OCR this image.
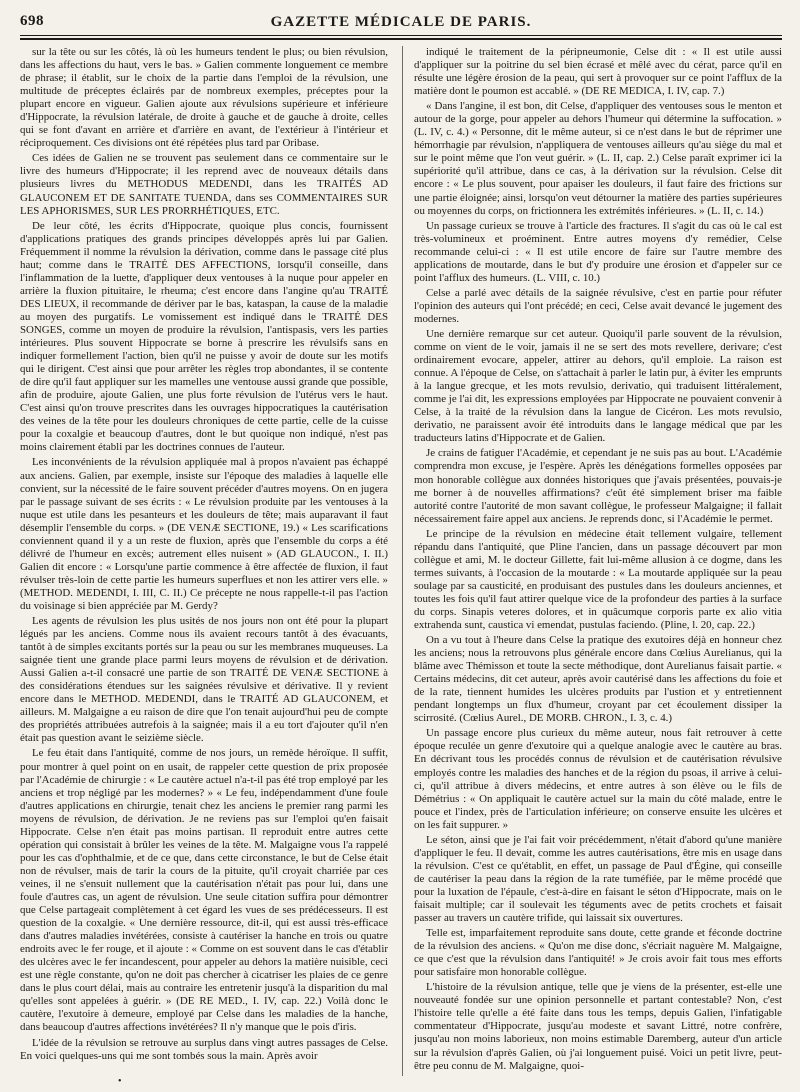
698	GAZETTE MÉDICALE DE PARIS.

sur la tête ou sur les côtés, là où les humeurs tendent le plus; ou bien révulsion, dans les affections du haut, vers le bas. » Galien commente longuement ce membre de phrase; il établit, sur le choix de la partie dans l'emploi de la révulsion, une multitude de préceptes éclairés par de nombreux exemples, préceptes pour la plupart encore en vigueur. Galien ajoute aux révulsions supérieure et inférieure d'Hippocrate, la révulsion latérale, de droite à gauche et de gauche à droite, celles qui se font d'avant en arrière et d'arrière en avant, de l'extérieur à l'intérieur et réciproquement. Ces divisions ont été répétées plus tard par Oribase.

Ces idées de Galien ne se trouvent pas seulement dans ce commentaire sur le livre des humeurs d'Hippocrate; il les reprend avec de nouveaux détails dans plusieurs livres du METHODUS MEDENDI, dans les TRAITÉS AD GLAUCONEM ET DE SANITATE TUENDA, dans ses COMMENTAIRES SUR LES APHORISMES, SUR LES PRORRHÉTIQUES, ETC.

De leur côté, les écrits d'Hippocrate, quoique plus concis, fournissent d'applications pratiques des grands principes développés après lui par Galien. Fréquemment il nomme la révulsion la dérivation, comme dans le passage cité plus haut; comme dans le TRAITÉ DES AFFECTIONS, lorsqu'il conseille, dans l'inflammation de la luette, d'appliquer deux ventouses à la nuque pour appeler en arrière la fluxion pituitaire, le rheuma; c'est encore dans l'angine qu'au TRAITÉ DES LIEUX, il recommande de dériver par le bas, kataspan, la cause de la maladie au moyen des purgatifs. Le vomissement est indiqué dans le TRAITÉ DES SONGES, comme un moyen de produire la révulsion, l'antispasis, vers les parties intérieures. Plus souvent Hippocrate se borne à prescrire les révulsifs sans en indiquer formellement l'action, bien qu'il ne puisse y avoir de doute sur les motifs qui le dirigent. C'est ainsi que pour arrêter les règles trop abondantes, il se contente de dire qu'il faut appliquer sur les mamelles une ventouse aussi grande que possible, afin de produire, ajoute Galien, une plus forte révulsion de l'utérus vers le haut. C'est ainsi qu'on trouve prescrites dans les ouvrages hippocratiques la cautérisation des veines de la tête pour les douleurs chroniques de cette partie, celle de la cuisse pour la coxalgie et beaucoup d'autres, dont le but quoique non indiqué, n'est pas moins clairement établi par les doctrines connues de l'auteur.

Les inconvénients de la révulsion appliquée mal à propos n'avaient pas échappé aux anciens. Galien, par exemple, insiste sur l'époque des maladies à laquelle elle convient, sur la nécessité de le faire souvent précéder d'autres moyens. On en jugera par le passage suivant de ses écrits : « Le révulsion produite par les ventouses à la nuque est utile dans les pesanteurs et les douleurs de tête; mais auparavant il faut désemplir l'ensemble du corps. » (DE VENÆ SECTIONE, 19.) « Les scarifications conviennent quand il y a un reste de fluxion, après que l'ensemble du corps a été délivré de l'humeur en excès; autrement elles nuisent » (AD GLAUCON., I. II.) Galien dit encore : « Lorsqu'une partie commence à être affectée de fluxion, il faut révulser très-loin de cette partie les humeurs superflues et non les attirer vers elle. » (METHOD. MEDENDI, I. III, C. II.) Ce précepte ne nous rappelle-t-il pas l'action du voisinage si bien appréciée par M. Gerdy?

Les agents de révulsion les plus usités de nos jours non ont été pour la plupart légués par les anciens. Comme nous ils avaient recours tantôt à des évacuants, tantôt à de simples excitants portés sur la peau ou sur les membranes muqueuses. La saignée tient une grande place parmi leurs moyens de révulsion et de dérivation. Aussi Galien a-t-il consacré une partie de son TRAITÉ DE VENÆ SECTIONE à des considérations étendues sur les saignées révulsive et dérivative. Il y revient encore dans le METHOD. MEDENDI, dans le TRAITÉ AD GLAUCONEM, et ailleurs. M. Malgaigne a eu raison de dire que l'on tenait aujourd'hui peu de compte des propriétés attribuées autrefois à la saignée; mais il a eu tort d'ajouter qu'il n'en était pas question avant le seizième siècle.

Le feu était dans l'antiquité, comme de nos jours, un remède héroïque. Il suffit, pour montrer à quel point on en usait, de rappeler cette question de prix proposée par l'Académie de chirurgie : « Le cautère actuel n'a-t-il pas été trop employé par les anciens et trop négligé par les modernes? » « Le feu, indépendamment d'une foule d'autres applications en chirurgie, tenait chez les anciens le premier rang parmi les moyens de révulsion, de dérivation. Je ne reviens pas sur l'emploi qu'en faisait Hippocrate. Celse n'en était pas moins partisan. Il reproduit entre autres cette opération qui consistait à brûler les veines de la tête. M. Malgaigne vous l'a rappelé pour les cas d'ophthalmie, et de ce que, dans cette circonstance, le but de Celse était non de révulser, mais de tarir la cours de la pituite, qu'il croyait charriée par ces veines, il ne s'ensuit nullement que la cautérisation n'était pas pour lui, dans une foule d'autres cas, un agent de révulsion. Une seule citation suffira pour démontrer que Celse partageait complètement à cet égard les vues de ses prédécesseurs. Il est question de la coxalgie. « Une dernière ressource, dit-il, qui est aussi très-efficace dans d'autres maladies invétérées, consiste à cautériser la hanche en trois ou quatre endroits avec le fer rouge, et il ajoute : « Comme on est souvent dans le cas d'établir des ulcères avec le fer incandescent, pour appeler au dehors la matière nuisible, ceci est une règle constante, qu'on ne doit pas chercher à cicatriser les plaies de ce genre dans le plus court délai, mais au contraire les entretenir jusqu'à la disparition du mal qu'elles sont appelées à guérir. » (DE RE MED., I. IV, cap. 22.) Voilà donc le cautère, l'exutoire à demeure, employé par Celse dans les maladies de la hanche, dans beaucoup d'autres affections invétérées? Il n'y manque que le pois d'iris.

L'idée de la révulsion se retrouve au surplus dans vingt autres passages de Celse. En voici quelques-uns qui me sont tombés sous la main. Après avoir

indiqué le traitement de la péripneumonie, Celse dit : « Il est utile aussi d'appliquer sur la poitrine du sel bien écrasé et mêlé avec du cérat, parce qu'il en résulte une légère érosion de la peau, qui sert à provoquer sur ce point l'afflux de la matière dont le poumon est accablé. » (DE RE MEDICA, I. IV, cap. 7.)

« Dans l'angine, il est bon, dit Celse, d'appliquer des ventouses sous le menton et autour de la gorge, pour appeler au dehors l'humeur qui détermine la suffocation. » (L. IV, c. 4.) « Personne, dit le même auteur, si ce n'est dans le but de réprimer une hémorrhagie par révulsion, n'appliquera de ventouses ailleurs qu'au siège du mal et sur le point même que l'on veut guérir. » (L. II, cap. 2.) Celse paraît exprimer ici la supériorité qu'il attribue, dans ce cas, à la dérivation sur la révulsion. Celse dit encore : « Le plus souvent, pour apaiser les douleurs, il faut faire des frictions sur une partie éloignée; ainsi, lorsqu'on veut détourner la matière des parties supérieures ou moyennes du corps, on frictionnera les extrémités inférieures. » (L. II, c. 14.)

Un passage curieux se trouve à l'article des fractures. Il s'agit du cas où le cal est très-volumineux et proéminent. Entre autres moyens d'y remédier, Celse recommande celui-ci : « Il est utile encore de faire sur l'autre membre des applications de moutarde, dans le but d'y produire une érosion et d'appeler sur ce point l'afflux des humeurs. (L. VIII, c. 10.)

Celse a parlé avec détails de la saignée révulsive, c'est en partie pour réfuter l'opinion des auteurs qui l'ont précédé; en ceci, Celse avait devancé le jugement des modernes.

Une dernière remarque sur cet auteur. Quoiqu'il parle souvent de la révulsion, comme on vient de le voir, jamais il ne se sert des mots revellere, derivare; c'est ordinairement evocare, appeler, attirer au dehors, qu'il emploie. La raison est connue. A l'époque de Celse, on s'attachait à parler le latin pur, à éviter les emprunts à la langue grecque, et les mots revulsio, derivatio, qui traduisent littéralement, comme je l'ai dit, les expressions employées par Hippocrate ne pouvaient convenir à Celse, à la traité de la révulsion dans la langue de Cicéron. Les mots revulsio, derivatio, ne paraissent avoir été introduits dans le langage médical que par les traducteurs latins d'Hippocrate et de Galien.

Je crains de fatiguer l'Académie, et cependant je ne suis pas au bout. L'Académie comprendra mon excuse, je l'espère. Après les dénégations formelles opposées par mon honorable collègue aux données historiques que j'avais présentées, pouvais-je me borner à de nouvelles affirmations? c'eût été simplement briser ma faible autorité contre l'autorité de mon savant collègue, le professeur Malgaigne; il fallait nécessairement faire appel aux anciens. Je reprends donc, si l'Académie le permet.

Le principe de la révulsion en médecine était tellement vulgaire, tellement répandu dans l'antiquité, que Pline l'ancien, dans un passage découvert par mon collègue et ami, M. le docteur Gillette, fait lui-même allusion à ce dogme, dans les termes suivants, à l'occasion de la moutarde : « La moutarde appliquée sur la peau soulage par sa causticité, en produisant des pustules dans les douleurs anciennes, et toutes les fois qu'il faut attirer quelque vice de la profondeur des parties à la surface du corps. Sinapis veteres dolores, et in quâcumque corporis parte ex alio vitia extrahenda sunt, caustica vi emendat, pustulas faciendo. (Pline, l. 20, cap. 22.)

On a vu tout à l'heure dans Celse la pratique des exutoires déjà en honneur chez les anciens; nous la retrouvons plus générale encore dans Cœlius Aurelianus, qui la blâme avec Thémisson et toute la secte méthodique, dont Aurelianus faisait partie. « Certains médecins, dit cet auteur, après avoir cautérisé dans les affections du foie et de la rate, tiennent humides les ulcères produits par l'ustion et y entretiennent pendant longtemps un flux d'humeur, croyant par cet écoulement dissiper la scirrosité. (Cœlius Aurel., DE MORB. CHRON., I. 3, c. 4.)

Un passage encore plus curieux du même auteur, nous fait retrouver à cette époque reculée un genre d'exutoire qui a quelque analogie avec le cautère au bras. En décrivant tous les procédés connus de révulsion et de cautérisation révulsive employés contre les maladies des hanches et de la région du psoas, il arrive à celui-ci, qu'il attribue à divers médecins, et entre autres à son élève ou le fils de Démétrius : « On appliquait le cautère actuel sur la main du côté malade, entre le pouce et l'index, près de l'articulation inférieure; on conserve ensuite les ulcères et on les fait suppurer. »

Le séton, ainsi que je l'ai fait voir précédemment, n'était d'abord qu'une manière d'appliquer le feu. Il devait, comme les autres cautérisations, être mis en usage dans la révulsion. C'est ce qu'établit, en effet, un passage de Paul d'Égine, qui conseille de cautériser la peau dans la région de la rate tuméfiée, par le même procédé que pour la luxation de l'épaule, c'est-à-dire en faisant le séton d'Hippocrate, mais on le faisait multiple; car il soulevait les téguments avec de petits crochets et faisait passer au travers un cautère trifide, qui laissait six ouvertures.

Telle est, imparfaitement reproduite sans doute, cette grande et féconde doctrine de la révulsion des anciens. « Qu'on me dise donc, s'écriait naguère M. Malgaigne, ce que c'est que la révulsion dans l'antiquité! » Je crois avoir fait tous mes efforts pour satisfaire mon honorable collègue.

L'histoire de la révulsion antique, telle que je viens de la présenter, est-elle une nouveauté fondée sur une opinion personnelle et partant contestable? Non, c'est l'histoire telle qu'elle a été faite dans tous les temps, depuis Galien, l'infatigable commentateur d'Hippocrate, jusqu'au modeste et savant Littré, notre confrère, jusqu'au non moins laborieux, non moins estimable Daremberg, auteur d'un article sur la révulsion d'après Galien, où j'ai longuement puisé. Voici un petit livre, peut-être peu connu de M. Malgaigne, quoi-

•
